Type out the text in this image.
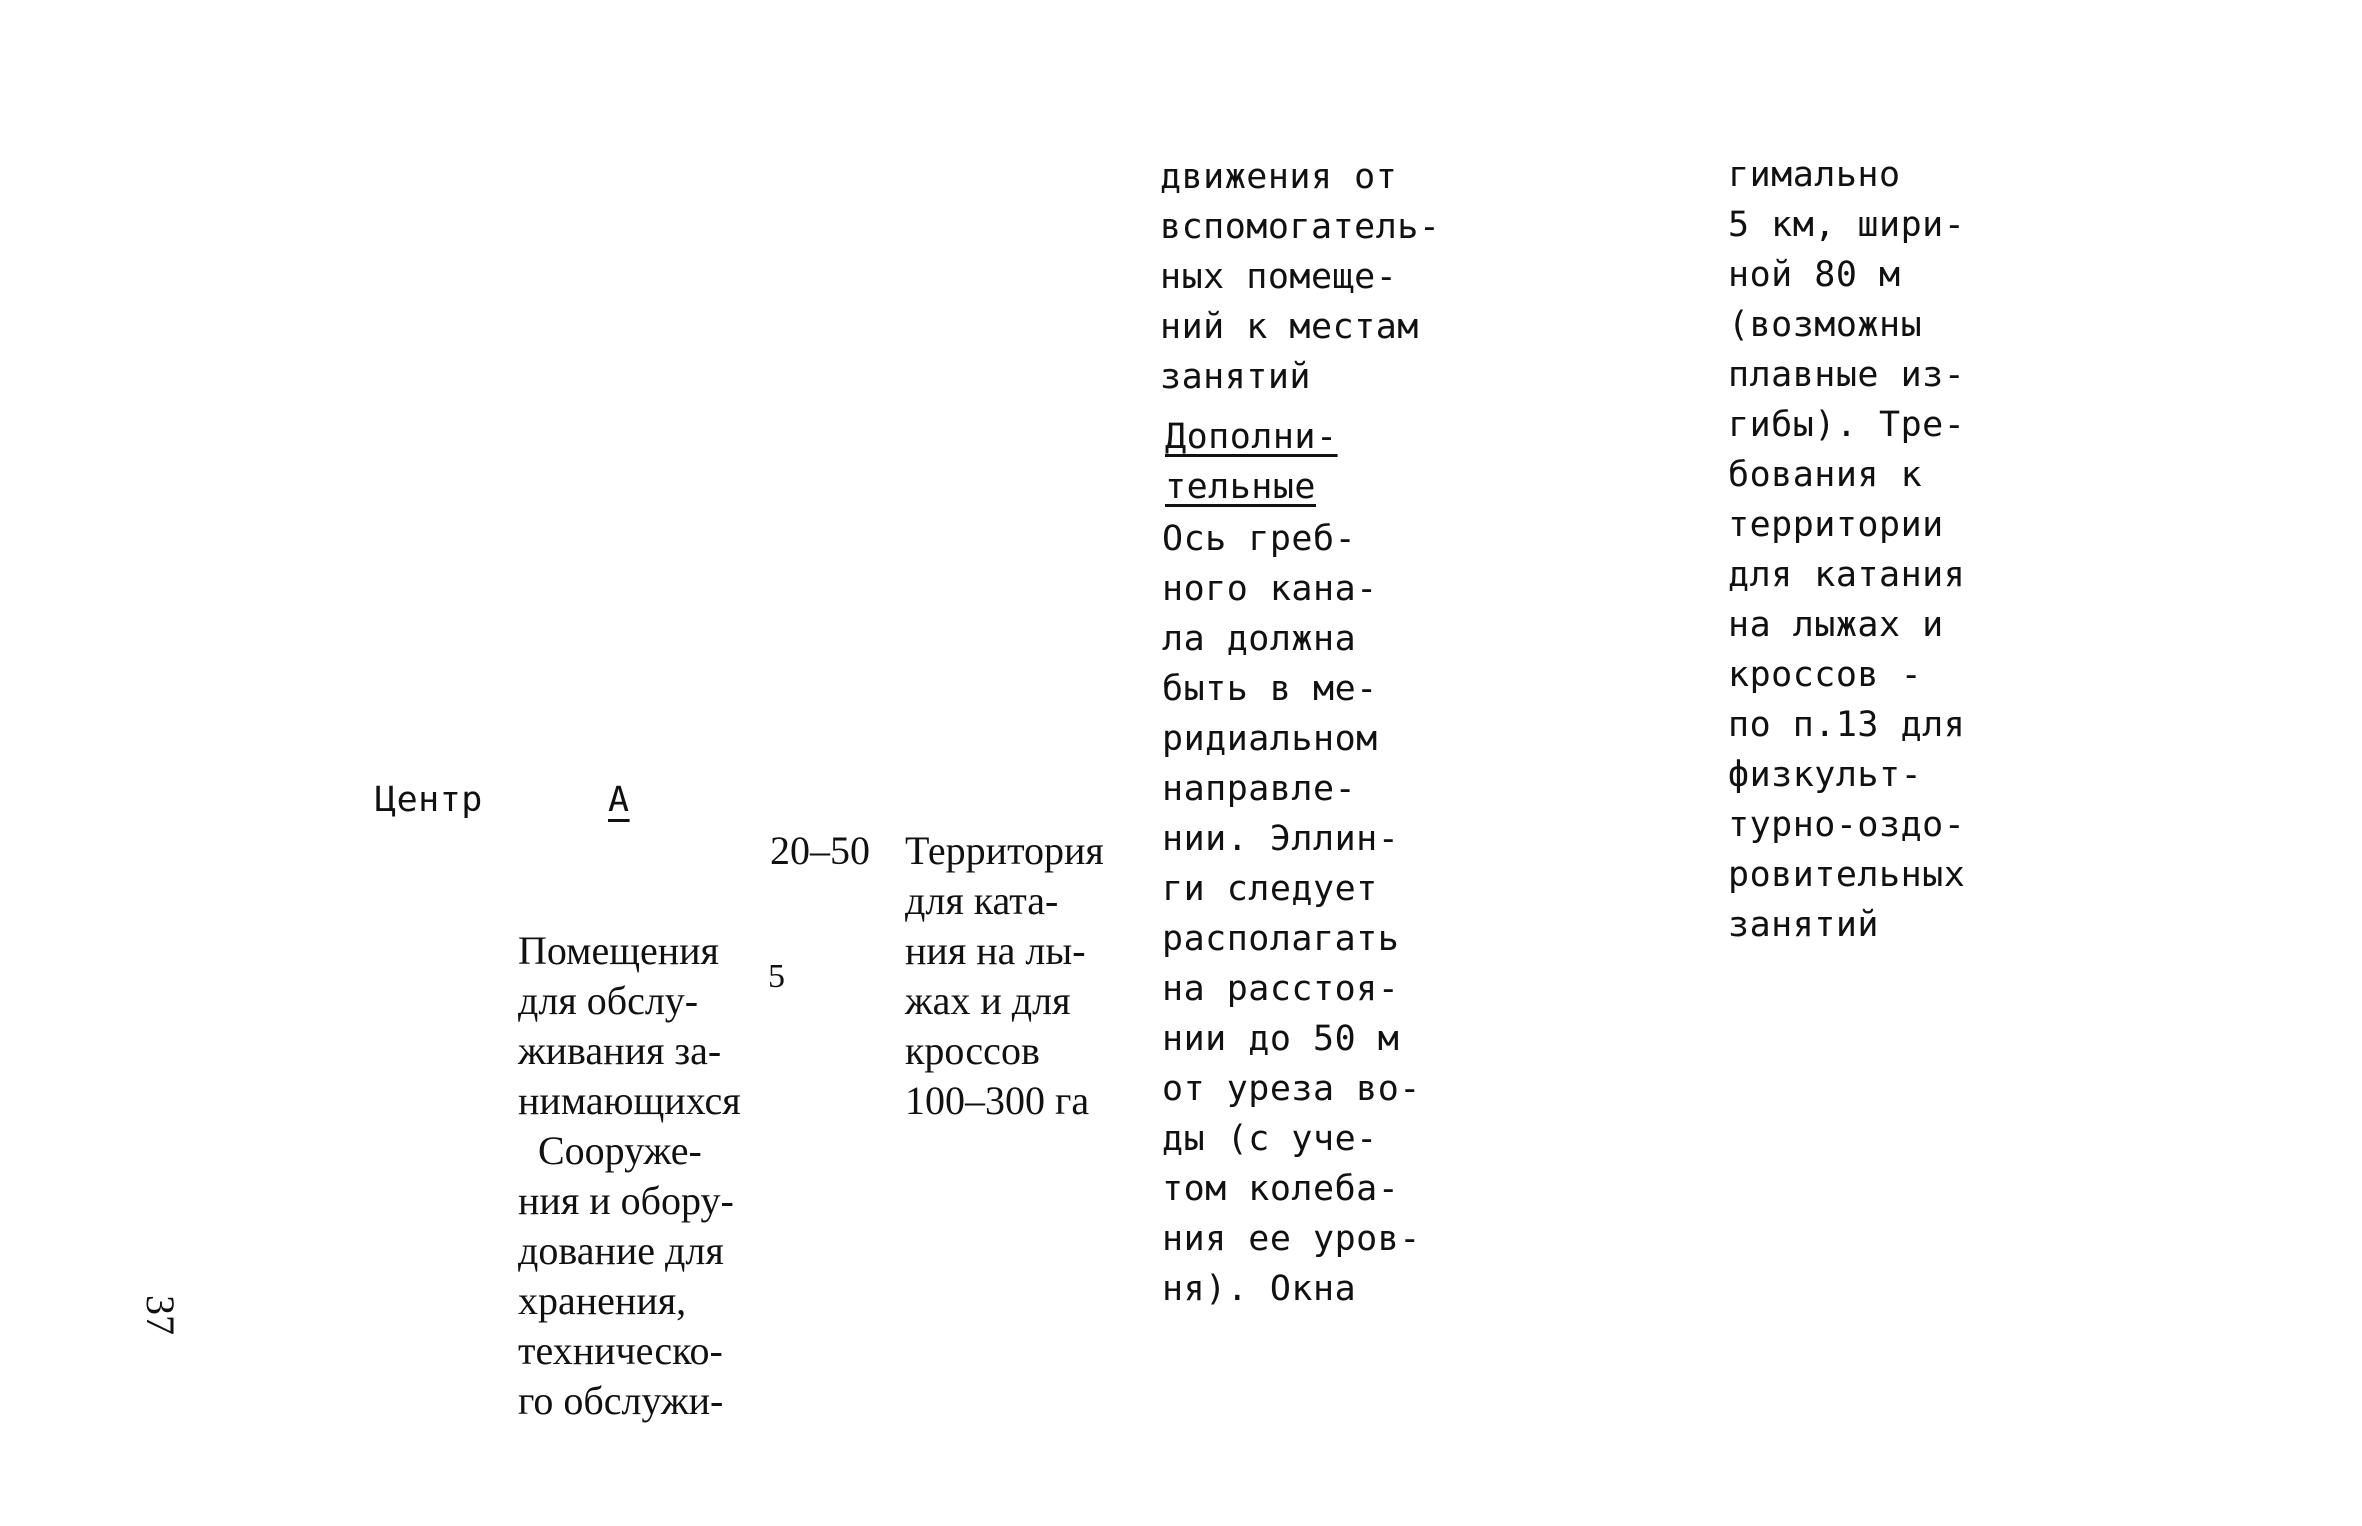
Центр	А

Помещения
для обслу-
живания за-
нимающихся

5

Сооруже-
ния и обору-
дование для
хранения,
техническо-
го обслужи-

20–50 Территория
для ката-
ния на лы-
жах и для
кроссов
100–300 га
движения от
вспомогатель-
ных помеще-
ний к местам
занятий
Дополни-
тельные
Ось греб-
ного кана-
ла должна
быть в ме-
ридиальном
направле-
нии. Эллин-
ги следует
располагать
на расстоя-
нии до 50 м
от уреза во-
ды (с уче-
том колеба-
ния ее уров-
ня). Окна
гимально
5 км, шири-
ной 80 м
(возможны
плавные из-
гибы). Тре-
бования к
территории
для катания
на лыжах и
кроссов -
по п.13 для
физкульт-
турно-оздо-
ровительных
занятий
37
